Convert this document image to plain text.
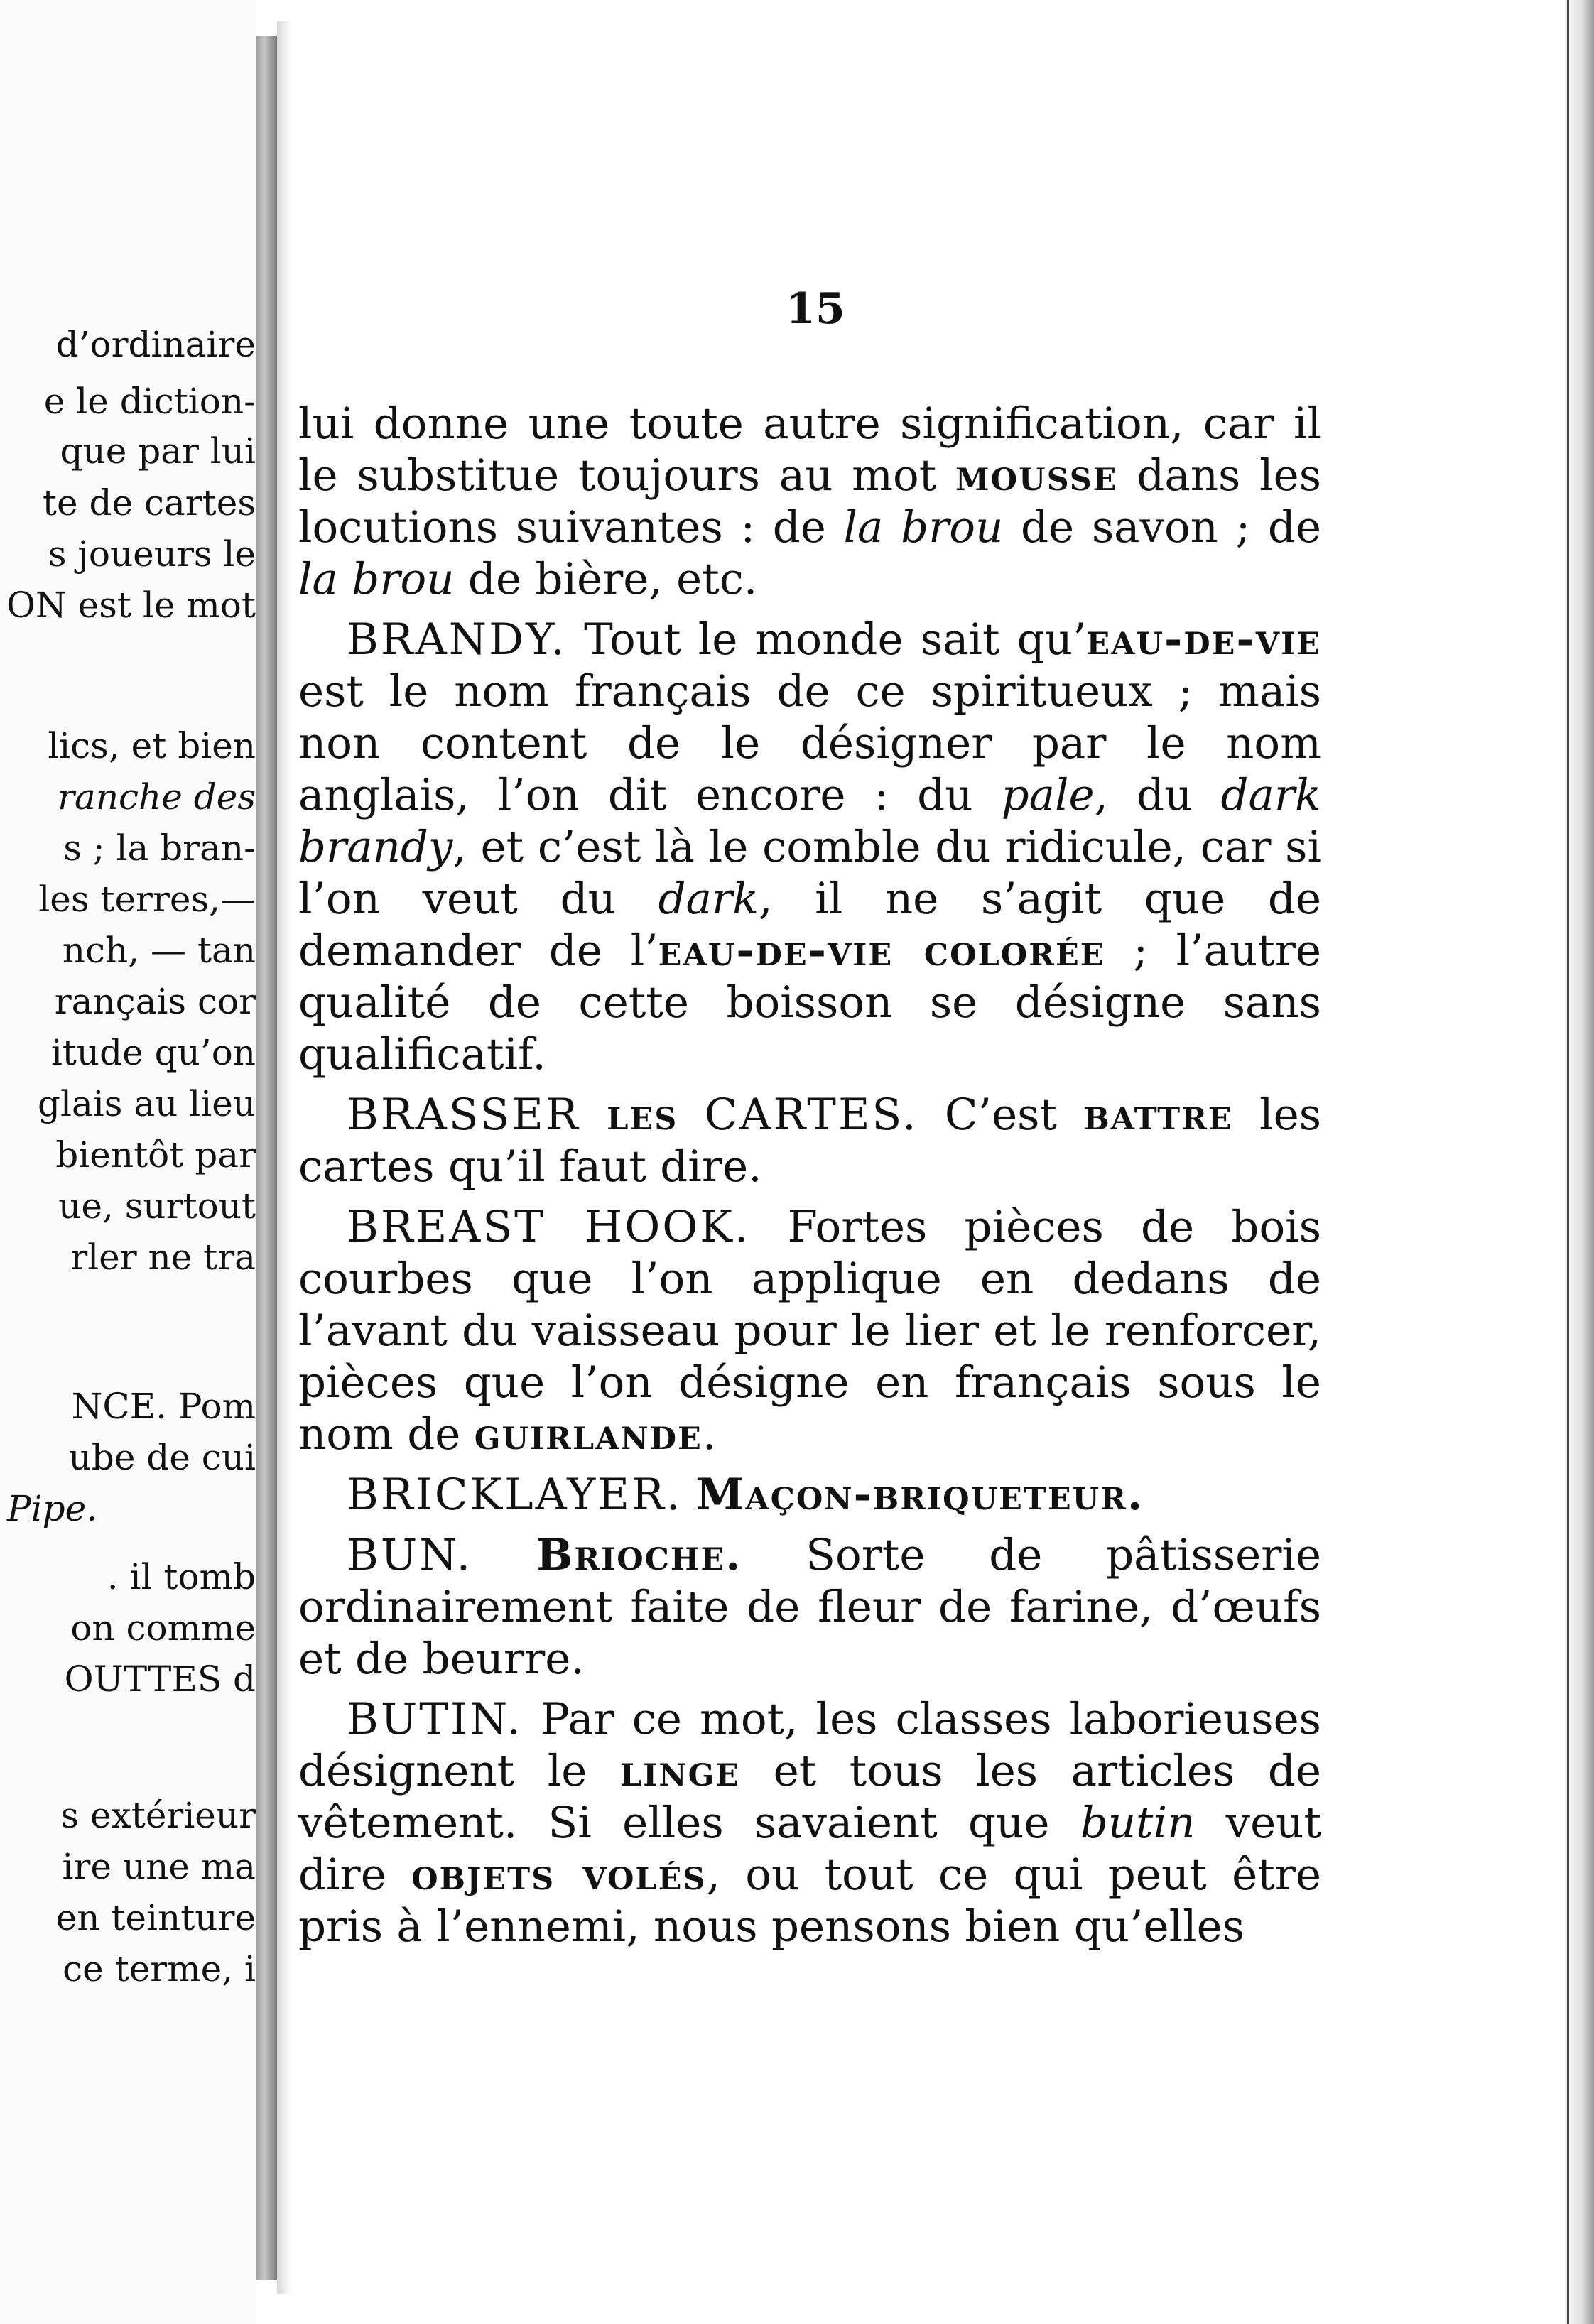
d’ordinaire
e le diction-
que par lui
te de cartes
s joueurs le
ON est le mot
lics, et bien
ranche des
s ; la bran-
les terres,—
nch, — tan
rançais cor
itude qu’on
glais au lieu
bientôt par
ue, surtout
rler ne tra
NCE. Pom
ube de cui
Pipe.
. il tomb
on comme
OUTTES d
s extérieur
ire une ma
en teinture
ce terme, i
15

lui donne une toute autre signification, car il le substitue toujours au mot mousse dans les locutions suivantes : de la brou de savon ; de la brou de bière, etc.

BRANDY. Tout le monde sait qu’eau-de-vie est le nom français de ce spiritueux ; mais non content de le désigner par le nom anglais, l’on dit encore : du pale, du dark brandy, et c’est là le comble du ridicule, car si l’on veut du dark, il ne s’agit que de demander de l’eau-de-vie colorée ; l’autre qualité de cette boisson se désigne sans qualificatif.

BRASSER les CARTES. C’est battre les cartes qu’il faut dire.

BREAST HOOK. Fortes pièces de bois courbes que l’on applique en dedans de l’avant du vaisseau pour le lier et le renforcer, pièces que l’on désigne en français sous le nom de guirlande.

BRICKLAYER. Maçon-briqueteur.

BUN. Brioche. Sorte de pâtisserie ordinairement faite de fleur de farine, d’œufs et de beurre.

BUTIN. Par ce mot, les classes laborieuses désignent le linge et tous les articles de vêtement. Si elles savaient que butin veut dire objets volés, ou tout ce qui peut être pris à l’ennemi, nous pensons bien qu’elles
